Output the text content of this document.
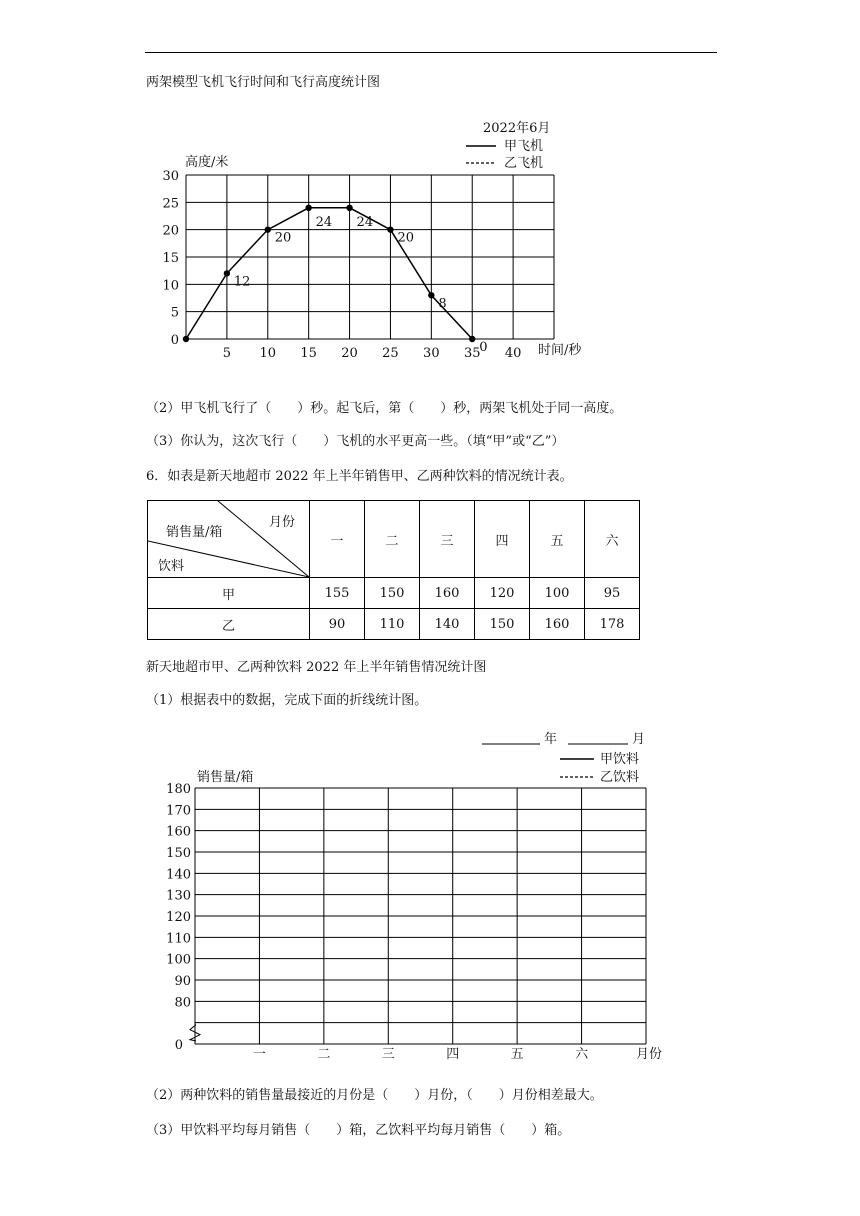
两架模型飞机飞行时间和飞行高度统计图
2022年6月
甲飞机
乙飞机
高度/米
0
5
10
15
20
25
30
5 10 15 20 25 30 35 40
12
20
24 24
20
8
0	时间/秒
（2）甲飞机飞行了（　　）秒。起飞后，第（　　）秒，两架飞机处于同一高度。
（3）你认为，这次飞行（　　）飞机的水平更高一些。（填“甲”或“乙”）
6．如表是新天地超市 2022 年上半年销售甲、乙两种饮料的情况统计表。
月份
销售量/箱
饮料	一	二	三	四	五	六
甲	155	150	160	120	100	95
乙	90	110	140	150	160	178
新天地超市甲、乙两种饮料 2022 年上半年销售情况统计图
（1）根据表中的数据，完成下面的折线统计图。
年	月
甲饮料
乙饮料
销售量/箱
180
170
160
150
140
130
120
110
100
90
80
0
一	二	三	四	五	六	月份
（2）两种饮料的销售量最接近的月份是（　　）月份，（　　）月份相差最大。
（3）甲饮料平均每月销售（　　）箱，乙饮料平均每月销售（　　）箱。
